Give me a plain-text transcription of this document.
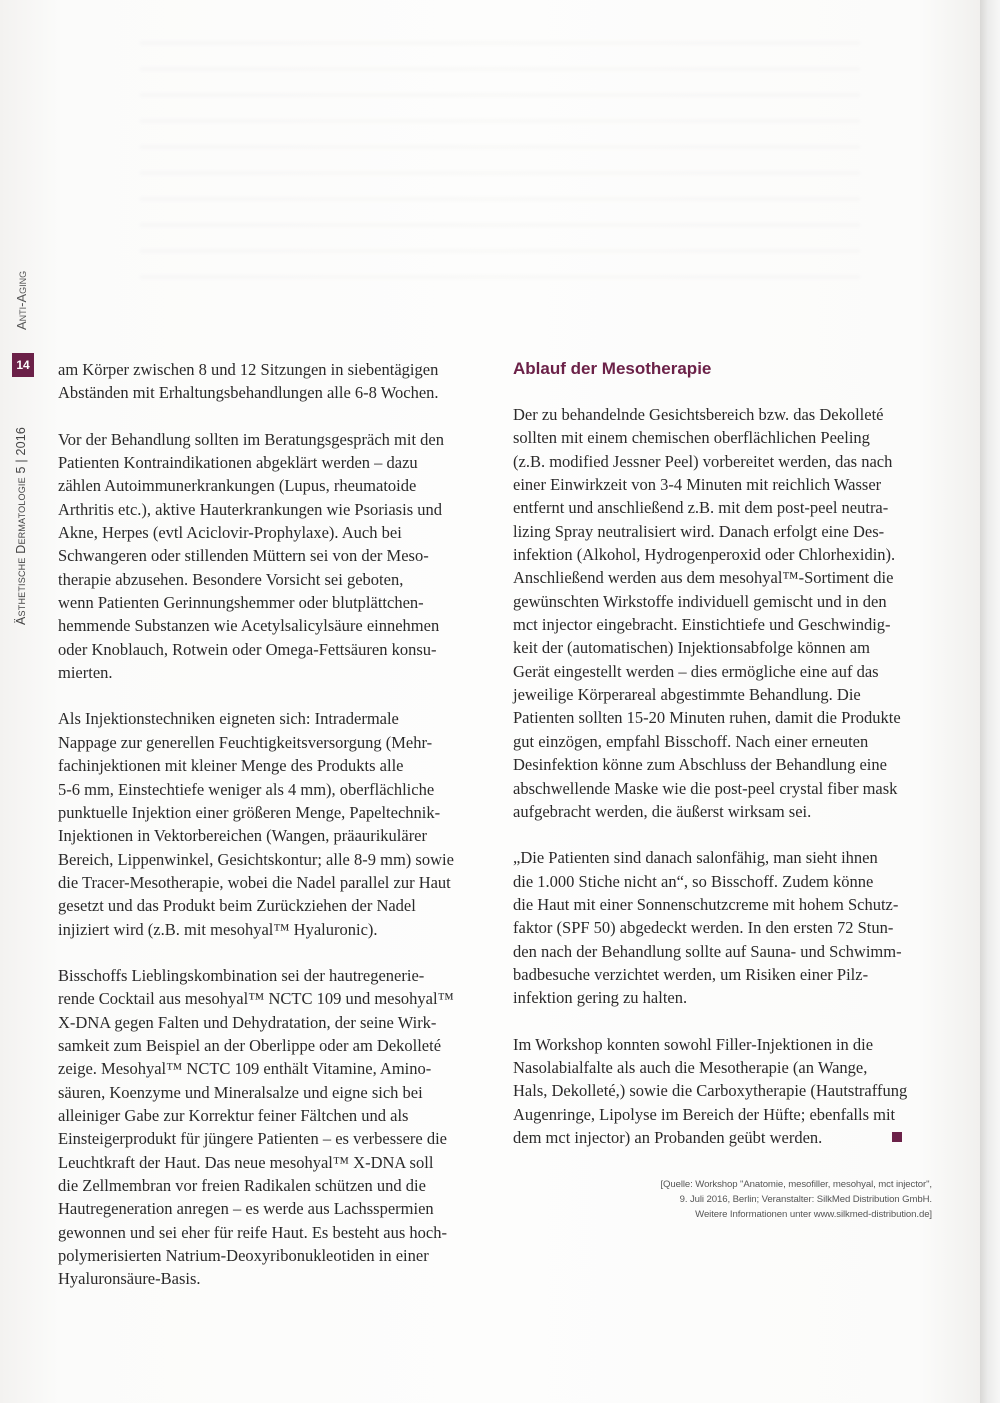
Anti-Aging
14
Ästhetische Dermatologie 5 | 2016

am Körper zwischen 8 und 12 Sitzungen in siebentägigen
Abständen mit Erhaltungsbehandlungen alle 6-8 Wochen.

Vor der Behandlung sollten im Beratungsgespräch mit den
Patienten Kontraindikationen abgeklärt werden – dazu
zählen Autoimmunerkrankungen (Lupus, rheumatoide
Arthritis etc.), aktive Hauterkrankungen wie Psoriasis und
Akne, Herpes (evtl Aciclovir-Prophylaxe). Auch bei
Schwangeren oder stillenden Müttern sei von der Meso-
therapie abzusehen. Besondere Vorsicht sei geboten,
wenn Patienten Gerinnungshemmer oder blutplättchen-
hemmende Substanzen wie Acetylsalicylsäure einnehmen
oder Knoblauch, Rotwein oder Omega-Fettsäuren konsu-
mierten.

Als Injektionstechniken eigneten sich: Intradermale
Nappage zur generellen Feuchtigkeitsversorgung (Mehr-
fachinjektionen mit kleiner Menge des Produkts alle
5-6 mm, Einstechtiefe weniger als 4 mm), oberflächliche
punktuelle Injektion einer größeren Menge, Papeltechnik-
Injektionen in Vektorbereichen (Wangen, präaurikulärer
Bereich, Lippenwinkel, Gesichtskontur; alle 8-9 mm) sowie
die Tracer-Mesotherapie, wobei die Nadel parallel zur Haut
gesetzt und das Produkt beim Zurückziehen der Nadel
injiziert wird (z.B. mit mesohyal™ Hyaluronic).

Bisschoffs Lieblingskombination sei der hautregenerie-
rende Cocktail aus mesohyal™ NCTC 109 und mesohyal™
X-DNA gegen Falten und Dehydratation, der seine Wirk-
samkeit zum Beispiel an der Oberlippe oder am Dekolleté
zeige. Mesohyal™ NCTC 109 enthält Vitamine, Amino-
säuren, Koenzyme und Mineralsalze und eigne sich bei
alleiniger Gabe zur Korrektur feiner Fältchen und als
Einsteigerprodukt für jüngere Patienten – es verbessere die
Leuchtkraft der Haut. Das neue mesohyal™ X-DNA soll
die Zellmembran vor freien Radikalen schützen und die
Hautregeneration anregen – es werde aus Lachsspermien
gewonnen und sei eher für reife Haut. Es besteht aus hoch-
polymerisierten Natrium-Deoxyribonukleotiden in einer
Hyaluronsäure-Basis.

Ablauf der Mesotherapie

Der zu behandelnde Gesichtsbereich bzw. das Dekolleté
sollten mit einem chemischen oberflächlichen Peeling
(z.B. modified Jessner Peel) vorbereitet werden, das nach
einer Einwirkzeit von 3-4 Minuten mit reichlich Wasser
entfernt und anschließend z.B. mit dem post-peel neutra-
lizing Spray neutralisiert wird. Danach erfolgt eine Des-
infektion (Alkohol, Hydrogenperoxid oder Chlorhexidin).
Anschließend werden aus dem mesohyal™-Sortiment die
gewünschten Wirkstoffe individuell gemischt und in den
mct injector eingebracht. Einstichtiefe und Geschwindig-
keit der (automatischen) Injektionsabfolge können am
Gerät eingestellt werden – dies ermögliche eine auf das
jeweilige Körperareal abgestimmte Behandlung. Die
Patienten sollten 15-20 Minuten ruhen, damit die Produkte
gut einzögen, empfahl Bisschoff. Nach einer erneuten
Desinfektion könne zum Abschluss der Behandlung eine
abschwellende Maske wie die post-peel crystal fiber mask
aufgebracht werden, die äußerst wirksam sei.

„Die Patienten sind danach salonfähig, man sieht ihnen
die 1.000 Stiche nicht an“, so Bisschoff. Zudem könne
die Haut mit einer Sonnenschutzcreme mit hohem Schutz-
faktor (SPF 50) abgedeckt werden. In den ersten 72 Stun-
den nach der Behandlung sollte auf Sauna- und Schwimm-
badbesuche verzichtet werden, um Risiken einer Pilz-
infektion gering zu halten.

Im Workshop konnten sowohl Filler-Injektionen in die
Nasolabialfalte als auch die Mesotherapie (an Wange,
Hals, Dekolleté,) sowie die Carboxytherapie (Hautstraffung
Augenringe, Lipolyse im Bereich der Hüfte; ebenfalls mit
dem mct injector) an Probanden geübt werden.

[Quelle: Workshop "Anatomie, mesofiller, mesohyal, mct injector",
9. Juli 2016, Berlin; Veranstalter: SilkMed Distribution GmbH.
Weitere Informationen unter www.silkmed-distribution.de]
